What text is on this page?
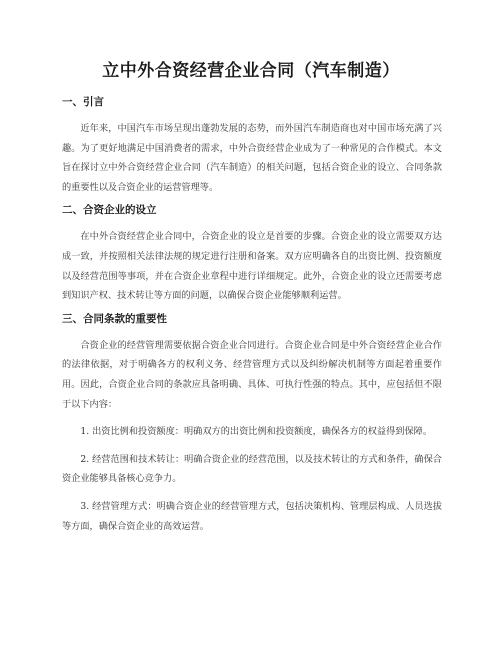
立中外合资经营企业合同（汽车制造）

一、引言

近年来，中国汽车市场呈现出蓬勃发展的态势，而外国汽车制造商也对中国市场充满了兴趣。为了更好地满足中国消费者的需求，中外合资经营企业成为了一种常见的合作模式。本文旨在探讨立中外合资经营企业合同（汽车制造）的相关问题，包括合资企业的设立、合同条款的重要性以及合资企业的运营管理等。

二、合资企业的设立

在中外合资经营企业合同中，合资企业的设立是首要的步骤。合资企业的设立需要双方达成一致，并按照相关法律法规的规定进行注册和备案。双方应明确各自的出资比例、投资额度以及经营范围等事项，并在合资企业章程中进行详细规定。此外，合资企业的设立还需要考虑到知识产权、技术转让等方面的问题，以确保合资企业能够顺利运营。

三、合同条款的重要性

合资企业的经营管理需要依据合资企业合同进行。合资企业合同是中外合资经营企业合作的法律依据，对于明确各方的权利义务、经营管理方式以及纠纷解决机制等方面起着重要作用。因此，合资企业合同的条款应具备明确、具体、可执行性强的特点。其中，应包括但不限于以下内容：

1. 出资比例和投资额度：明确双方的出资比例和投资额度，确保各方的权益得到保障。

2. 经营范围和技术转让：明确合资企业的经营范围，以及技术转让的方式和条件，确保合资企业能够具备核心竞争力。

3. 经营管理方式：明确合资企业的经营管理方式，包括决策机构、管理层构成、人员选拔等方面，确保合资企业的高效运营。
